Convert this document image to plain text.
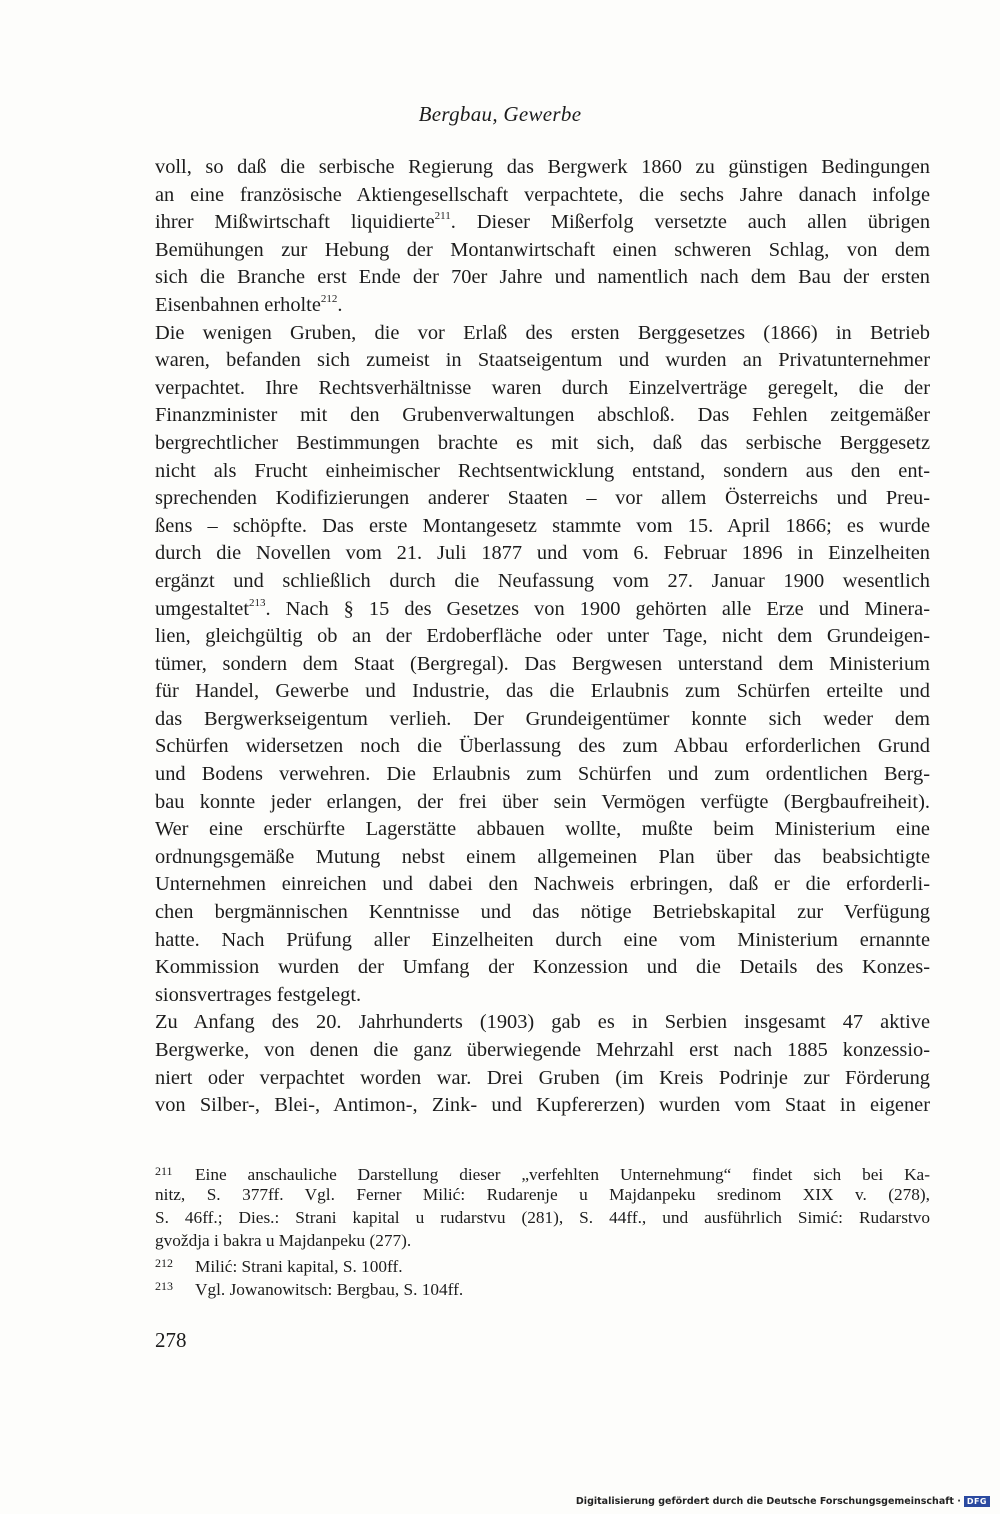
Bergbau, Gewerbe
voll, so daß die serbische Regierung das Bergwerk 1860 zu günstigen Bedingungen
an eine französische Aktiengesellschaft verpachtete, die sechs Jahre danach infolge
ihrer Mißwirtschaft liquidierte$^{211}$. Dieser Mißerfolg versetzte auch allen übrigen
Bemühungen zur Hebung der Montanwirtschaft einen schweren Schlag, von dem
sich die Branche erst Ende der 70er Jahre und namentlich nach dem Bau der ersten
Eisenbahnen erholte$^{212}$.
Die wenigen Gruben, die vor Erlaß des ersten Berggesetzes (1866) in Betrieb
waren, befanden sich zumeist in Staatseigentum und wurden an Privatunternehmer
verpachtet. Ihre Rechtsverhältnisse waren durch Einzelverträge geregelt, die der
Finanzminister mit den Grubenverwaltungen abschloß. Das Fehlen zeitgemäßer
bergrechtlicher Bestimmungen brachte es mit sich, daß das serbische Berggesetz
nicht als Frucht einheimischer Rechtsentwicklung entstand, sondern aus den ent-
sprechenden Kodifizierungen anderer Staaten – vor allem Österreichs und Preu-
ßens – schöpfte. Das erste Montangesetz stammte vom 15. April 1866; es wurde
durch die Novellen vom 21. Juli 1877 und vom 6. Februar 1896 in Einzelheiten
ergänzt und schließlich durch die Neufassung vom 27. Januar 1900 wesentlich
umgestaltet$^{213}$. Nach § 15 des Gesetzes von 1900 gehörten alle Erze und Minera-
lien, gleichgültig ob an der Erdoberfläche oder unter Tage, nicht dem Grundeigen-
tümer, sondern dem Staat (Bergregal). Das Bergwesen unterstand dem Ministerium
für Handel, Gewerbe und Industrie, das die Erlaubnis zum Schürfen erteilte und
das Bergwerkseigentum verlieh. Der Grundeigentümer konnte sich weder dem
Schürfen widersetzen noch die Überlassung des zum Abbau erforderlichen Grund
und Bodens verwehren. Die Erlaubnis zum Schürfen und zum ordentlichen Berg-
bau konnte jeder erlangen, der frei über sein Vermögen verfügte (Bergbaufreiheit).
Wer eine erschürfte Lagerstätte abbauen wollte, mußte beim Ministerium eine
ordnungsgemäße Mutung nebst einem allgemeinen Plan über das beabsichtigte
Unternehmen einreichen und dabei den Nachweis erbringen, daß er die erforderli-
chen bergmännischen Kenntnisse und das nötige Betriebskapital zur Verfügung
hatte. Nach Prüfung aller Einzelheiten durch eine vom Ministerium ernannte
Kommission wurden der Umfang der Konzession und die Details des Konzes-
sionsvertrages festgelegt.
Zu Anfang des 20. Jahrhunderts (1903) gab es in Serbien insgesamt 47 aktive
Bergwerke, von denen die ganz überwiegende Mehrzahl erst nach 1885 konzessio-
niert oder verpachtet worden war. Drei Gruben (im Kreis Podrinje zur Förderung
von Silber-, Blei-, Antimon-, Zink- und Kupfererzen) wurden vom Staat in eigener
211 Eine anschauliche Darstellung dieser „verfehlten Unternehmung“ findet sich bei Ka-
nitz, S. 377ff. Vgl. Ferner Milić: Rudarenje u Majdanpeku sredinom XIX v. (278),
S. 46ff.; Dies.: Strani kapital u rudarstvu (281), S. 44ff., und ausführlich Simić: Rudarstvo
gvoždja i bakra u Majdanpeku (277).
212 Milić: Strani kapital, S. 100ff.
213 Vgl. Jowanowitsch: Bergbau, S. 104ff.
278
Digitalisierung gefördert durch die Deutsche Forschungsgemeinschaft · DFG
